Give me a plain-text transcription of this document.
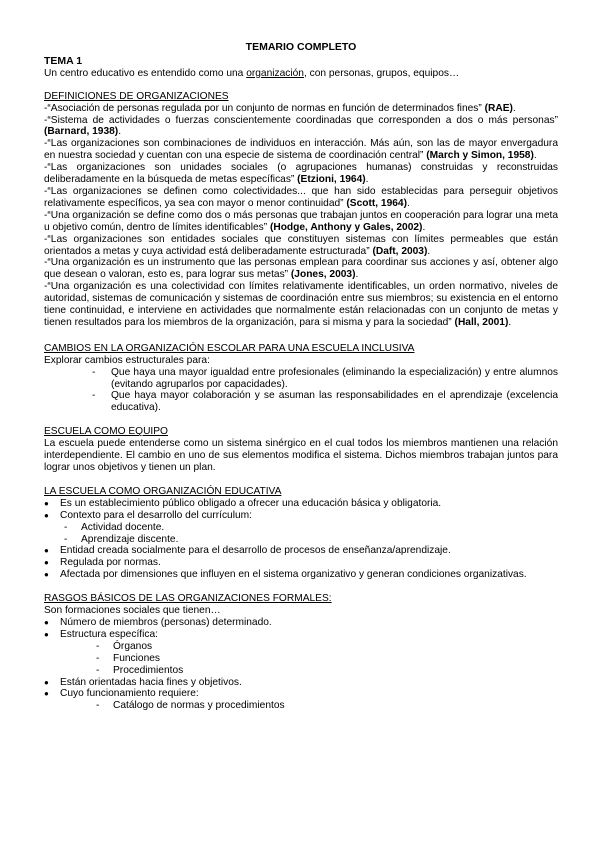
TEMARIO COMPLETO
TEMA 1

Un centro educativo es entendido como una organización, con personas, grupos, equipos…

DEFINICIONES DE ORGANIZACIONES

-“Asociación de personas regulada por un conjunto de normas en función de determinados fines” (RAE).

-“Sistema de actividades o fuerzas conscientemente coordinadas que corresponden a dos o más personas” (Barnard, 1938).

-“Las organizaciones son combinaciones de individuos en interacción. Más aún, son las de mayor envergadura en nuestra sociedad y cuentan con una especie de sistema de coordinación central” (March y Simon, 1958).

-“Las organizaciones son unidades sociales (o agrupaciones humanas) construidas y reconstruidas deliberadamente en la búsqueda de metas específicas” (Etzioni, 1964).

-“Las organizaciones se definen como colectividades... que han sido establecidas para perseguir objetivos relativamente específicos, ya sea con mayor o menor continuidad” (Scott, 1964).

-“Una organización se define como dos o más personas que trabajan juntos en cooperación para lograr una meta u objetivo común, dentro de límites identificables” (Hodge, Anthony y Gales, 2002).

-“Las organizaciones son entidades sociales que constituyen sistemas con límites permeables que están orientados a metas y cuya actividad está deliberadamente estructurada” (Daft, 2003).

-“Una organización es un instrumento que las personas emplean para coordinar sus acciones y así, obtener algo que desean o valoran, esto es, para lograr sus metas” (Jones, 2003).

-“Una organización es una colectividad con límites relativamente identificables, un orden normativo, niveles de autoridad, sistemas de comunicación y sistemas de coordinación entre sus miembros; su existencia en el entorno tiene continuidad, e interviene en actividades que normalmente están relacionadas con un conjunto de metas y tienen resultados para los miembros de la organización, para si misma y para la sociedad” (Hall, 2001).

CAMBIOS EN LA ORGANIZACIÓN ESCOLAR PARA UNA ESCUELA INCLUSIVA

Explorar cambios estructurales para:

- Que haya una mayor igualdad entre profesionales (eliminando la especialización) y entre alumnos (evitando agruparlos por capacidades).
- Que haya mayor colaboración y se asuman las responsabilidades en el aprendizaje (excelencia educativa).
ESCUELA COMO EQUIPO

La escuela puede entenderse como un sistema sinérgico en el cual todos los miembros mantienen una relación interdependiente. El cambio en uno de sus elementos modifica el sistema. Dichos miembros trabajan juntos para lograr unos objetivos y tienen un plan.

LA ESCUELA COMO ORGANIZACIÓN EDUCATIVA
● Es un establecimiento público obligado a ofrecer una educación básica y obligatoria.
● Contexto para el desarrollo del currículum:
- Actividad docente.
- Aprendizaje discente.
● Entidad creada socialmente para el desarrollo de procesos de enseñanza/aprendizaje.
● Regulada por normas.
● Afectada por dimensiones que influyen en el sistema organizativo y generan condiciones organizativas.
RASGOS BÁSICOS DE LAS ORGANIZACIONES FORMALES:

Son formaciones sociales que tienen…

● Número de miembros (personas) determinado.
● Estructura específica:
- Órganos
- Funciones
- Procedimientos
● Están orientadas hacia fines y objetivos.
● Cuyo funcionamiento requiere:
- Catálogo de normas y procedimientos
